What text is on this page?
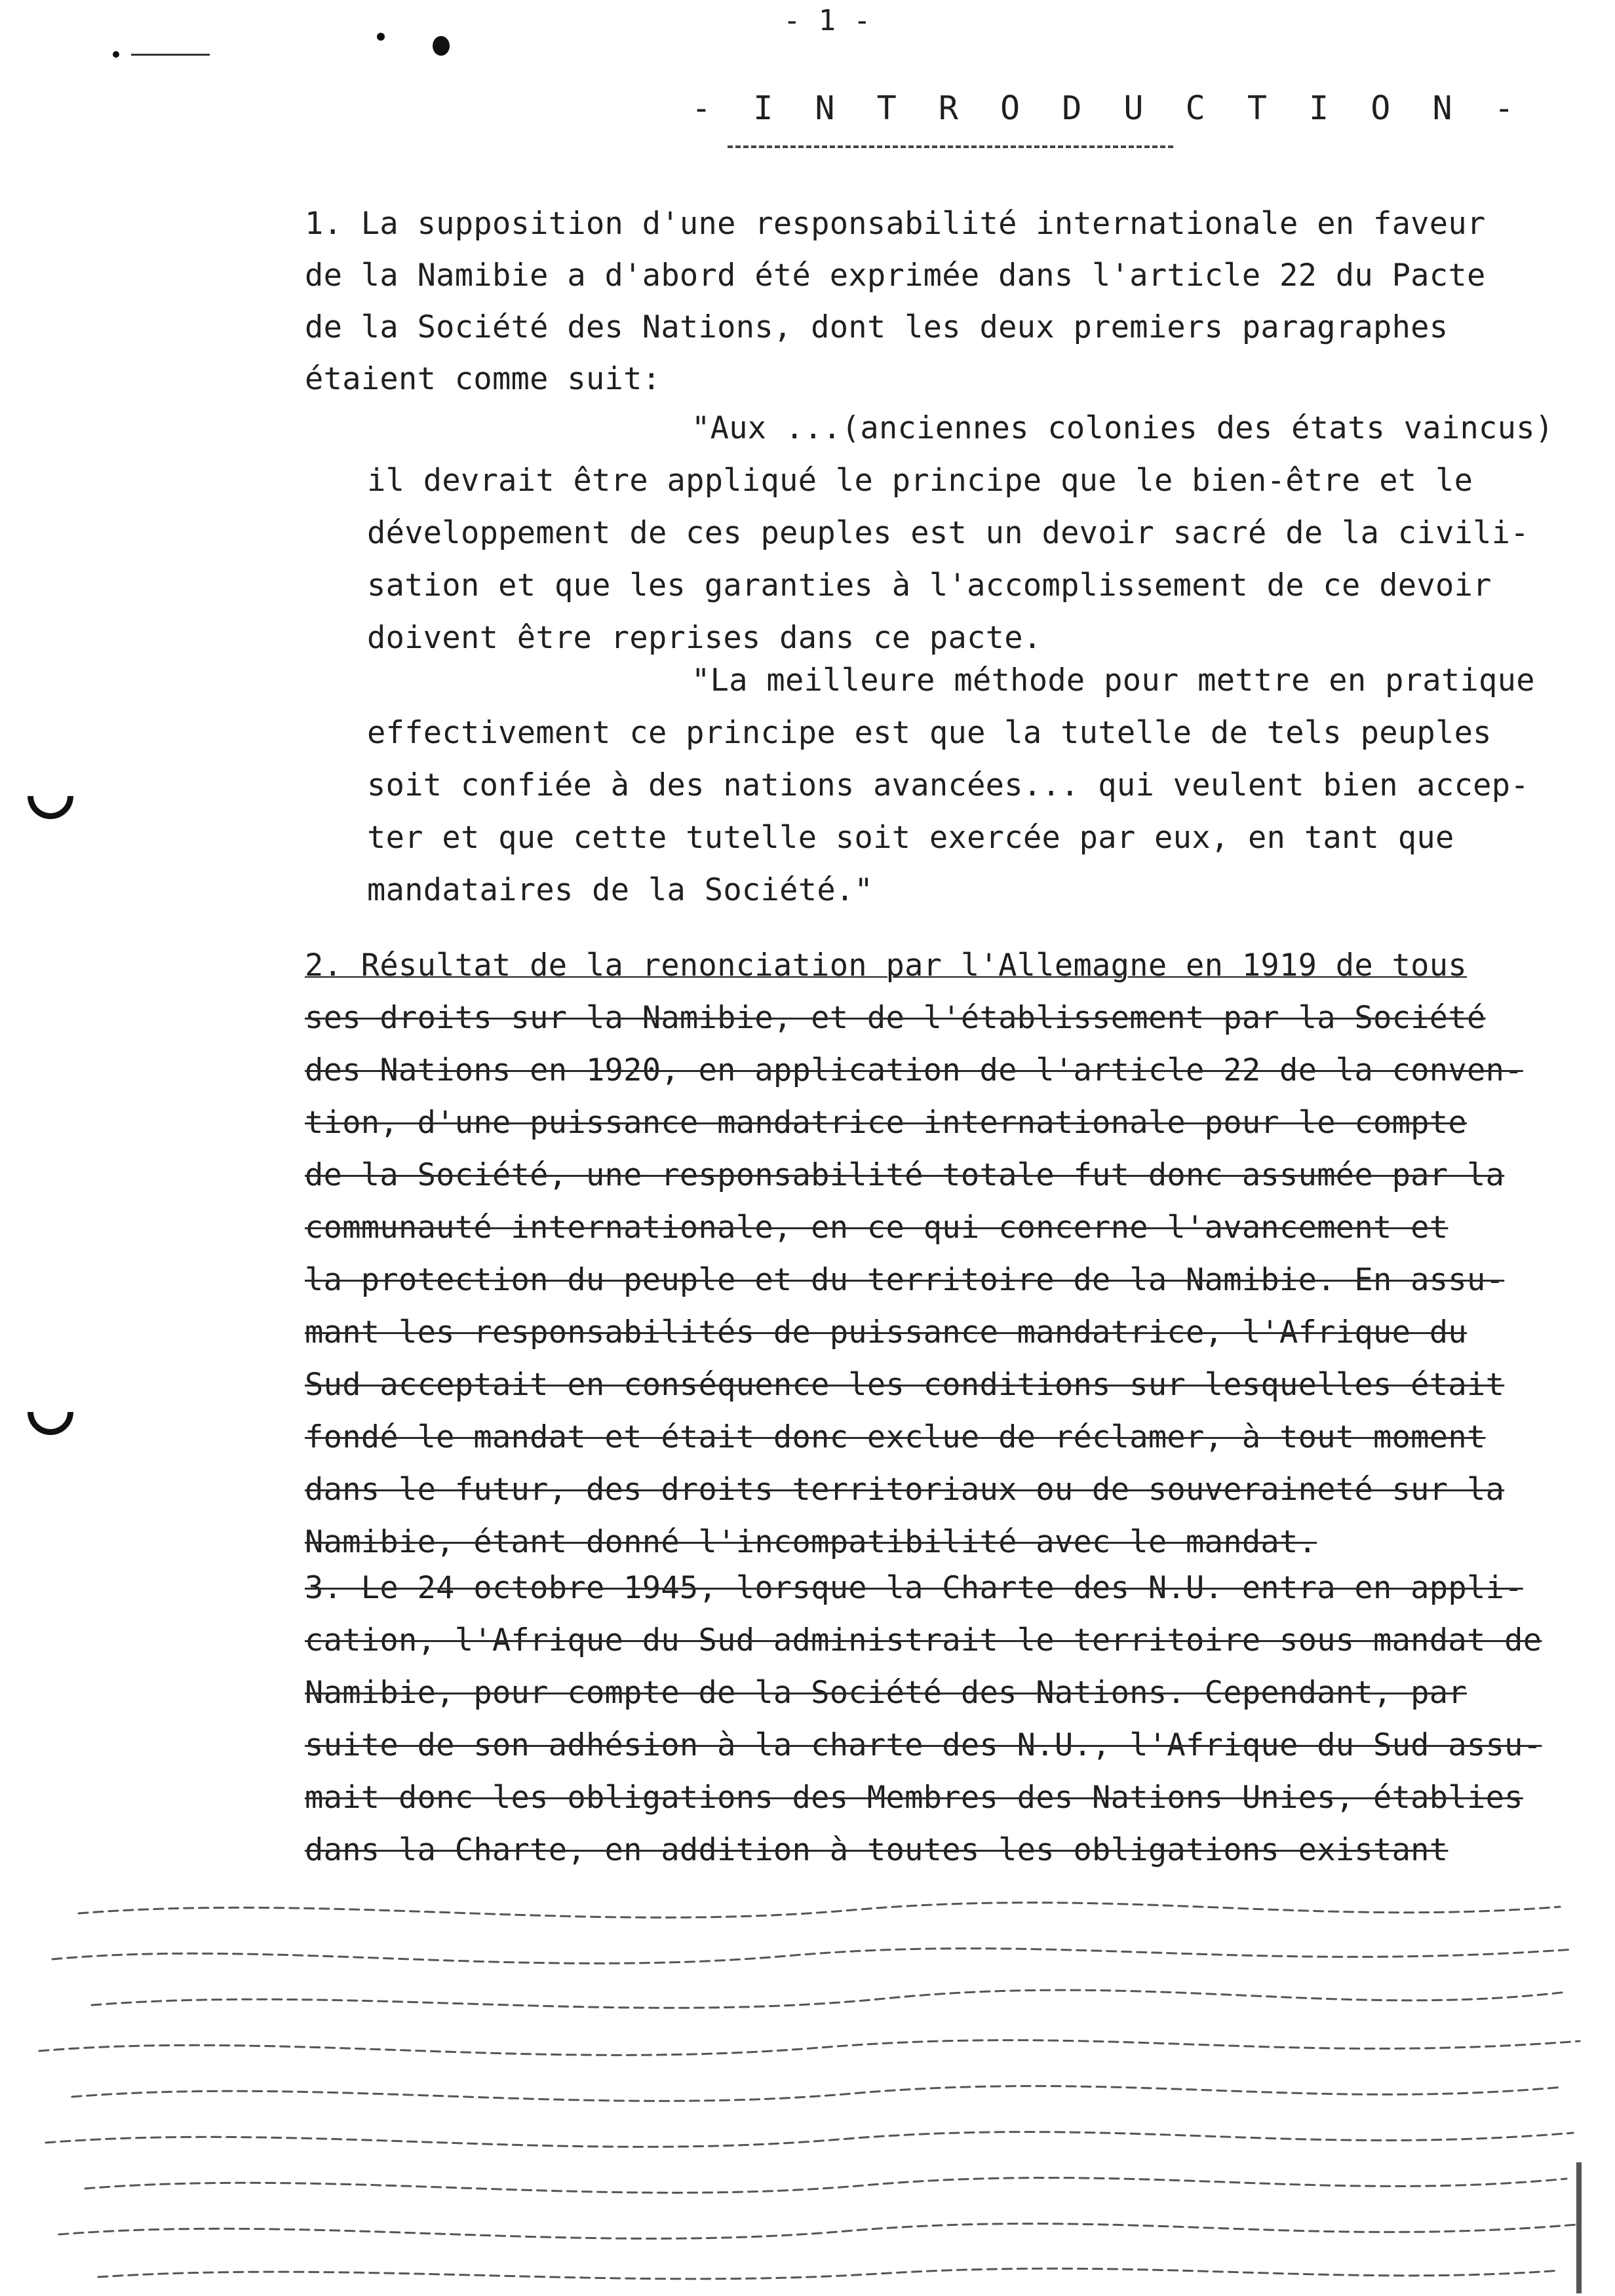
- 1 -
- I N T R O D U C T I O N -
1. La supposition d'une responsabilité internationale en faveur
de la Namibie a d'abord été exprimée dans l'article 22 du Pacte
de la Société des Nations, dont les deux premiers paragraphes
étaient comme suit:
"Aux ...(anciennes colonies des états vaincus)
il devrait être appliqué le principe que le bien-être et le
développement de ces peuples est un devoir sacré de la civili-
sation et que les garanties à l'accomplissement de ce devoir
doivent être reprises dans ce pacte.
"La meilleure méthode pour mettre en pratique
effectivement ce principe est que la tutelle de tels peuples
soit confiée à des nations avancées... qui veulent bien accep-
ter et que cette tutelle soit exercée par eux, en tant que
mandataires de la Société."
2. Résultat de la renonciation par l'Allemagne en 1919 de tous
ses droits sur la Namibie, et de l'établissement par la Société
des Nations en 1920, en application de l'article 22 de la conven-
tion, d'une puissance mandatrice internationale pour le compte
de la Société, une responsabilité totale fut donc assumée par la
communauté internationale, en ce qui concerne l'avancement et
la protection du peuple et du territoire de la Namibie. En assu-
mant les responsabilités de puissance mandatrice, l'Afrique du
Sud acceptait en conséquence les conditions sur lesquelles était
fondé le mandat et était donc exclue de réclamer, à tout moment
dans le futur, des droits territoriaux ou de souveraineté sur la
Namibie, étant donné l'incompatibilité avec le mandat.
3. Le 24 octobre 1945, lorsque la Charte des N.U. entra en appli-
cation, l'Afrique du Sud administrait le territoire sous mandat de
Namibie, pour compte de la Société des Nations. Cependant, par
suite de son adhésion à la charte des N.U., l'Afrique du Sud assu-
mait donc les obligations des Membres des Nations Unies, établies
dans la Charte, en addition à toutes les obligations existant
